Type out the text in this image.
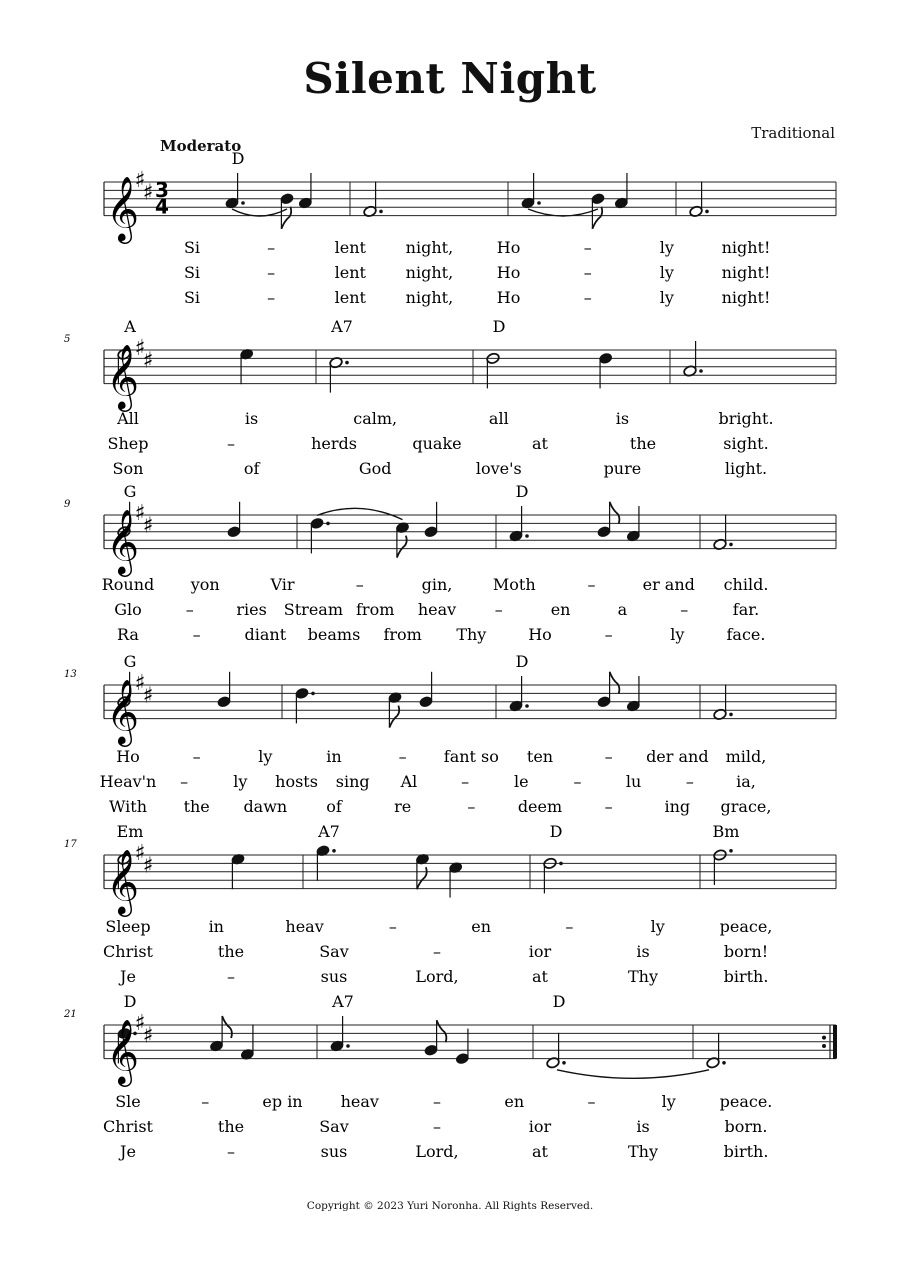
Silent Night
Traditional
Moderato
𝄞
♯
♯ 3
4
D
Si	–	lent night,	Ho	–	ly	night!
Si	–	lent night,	Ho	–	ly	night!
Si	–	lent night,	Ho	–	ly	night!
𝄞
♯
♯
5
A	A7	D
All	is	calm,	all	is	bright.
Shep	–	herds	quake	at	the	sight.
Son	of	God	love's	pure	light.
𝄞
♯
♯
9
G	D
Round yon	Vir	–	gin,	Moth	–	er and child.
Glo	–	ries Stream from heav –	en	a	–	far.
Ra	–	diant beams from Thy	Ho	–	ly	face.
𝄞
♯
♯
13
G	D
Ho	–	ly	in	– fant so ten	– der and mild,
Heav'n –	ly hosts sing Al	–	le	–	lu	–	ia,
With the dawn of	re	–	deem	–	ing grace,
𝄞
♯
♯
17
Em	A7	D	Bm
Sleep	in	heav	–	en	–	ly	peace,
Christ	the	Sav	–	ior	is	born!
Je	–	sus	Lord,	at	Thy	birth.
𝄞
♯
♯
21
D	A7	D
Sle	–	ep in heav	–	en	–	ly	peace.
Christ	the	Sav	–	ior	is	born.
Je	–	sus	Lord,	at	Thy	birth.
Copyright © 2023 Yuri Noronha. All Rights Reserved.
